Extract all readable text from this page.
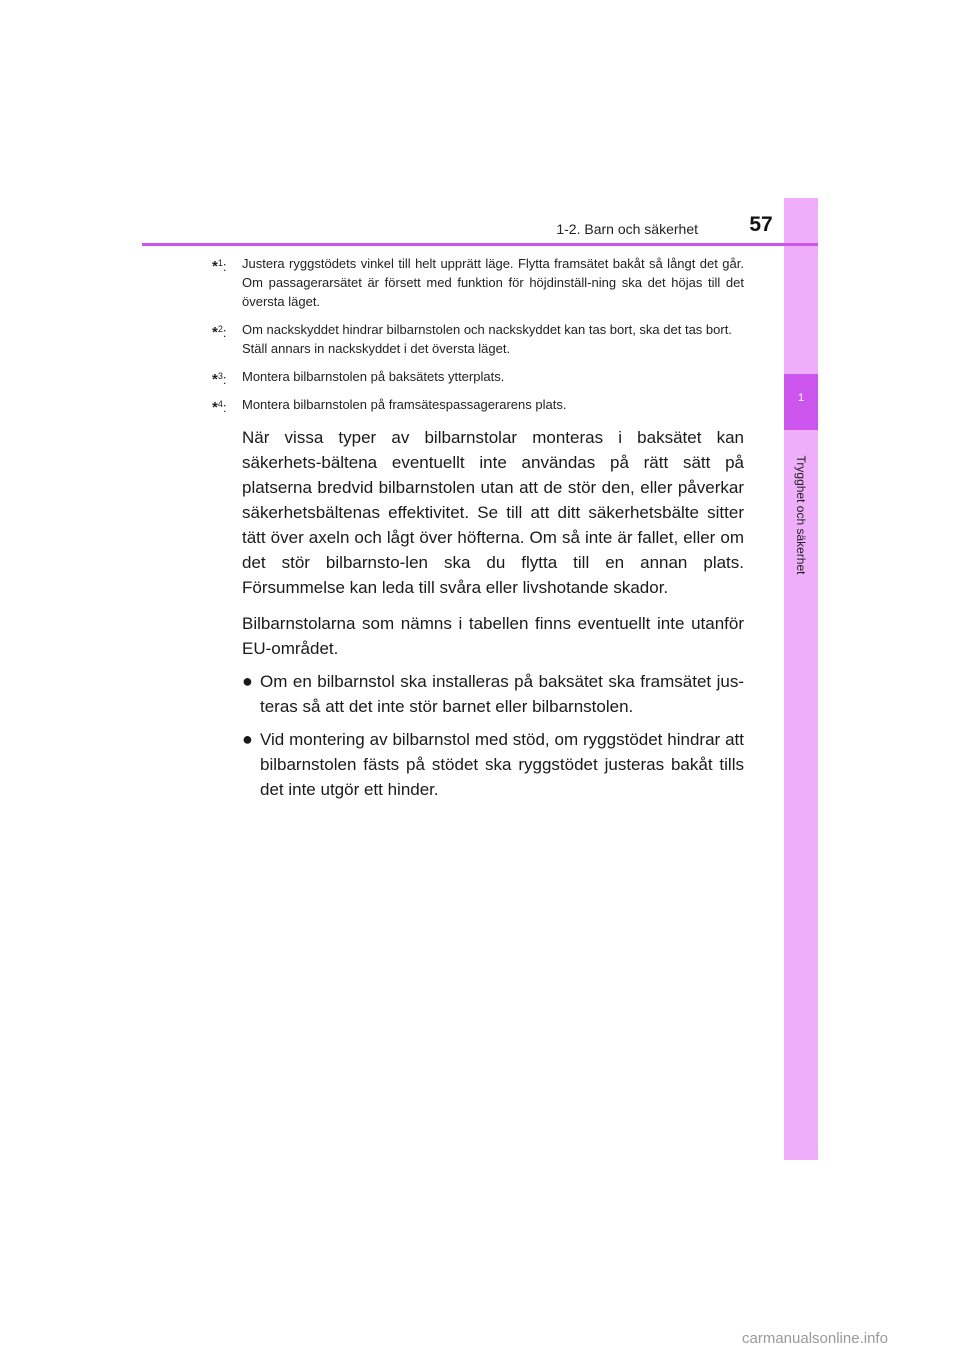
1
Trygghet och säkerhet
1-2. Barn och säkerhet 57
*$^1$: Justera ryggstödets vinkel till helt upprätt läge. Flytta framsätet bakåt så långt det går. Om passagerarsätet är försett med funktion för höjdinställ-ning ska det höjas till det översta läget.
*$^2$: Om nackskyddet hindrar bilbarnstolen och nackskyddet kan tas bort, ska det tas bort.
Ställ annars in nackskyddet i det översta läget.
*$^3$: Montera bilbarnstolen på baksätets ytterplats.
*$^4$: Montera bilbarnstolen på framsätespassagerarens plats.

När vissa typer av bilbarnstolar monteras i baksätet kan säkerhets-bältena eventuellt inte användas på rätt sätt på platserna bredvid bilbarnstolen utan att de stör den, eller påverkar säkerhetsbältenas effektivitet. Se till att ditt säkerhetsbälte sitter tätt över axeln och lågt över höfterna. Om så inte är fallet, eller om det stör bilbarnsto-len ska du flytta till en annan plats. Försummelse kan leda till svåra eller livshotande skador.

Bilbarnstolarna som nämns i tabellen finns eventuellt inte utanför EU-området.

● Om en bilbarnstol ska installeras på baksätet ska framsätet jus-teras så att det inte stör barnet eller bilbarnstolen.
● Vid montering av bilbarnstol med stöd, om ryggstödet hindrar att bilbarnstolen fästs på stödet ska ryggstödet justeras bakåt tills det inte utgör ett hinder.
carmanualsonline.info
